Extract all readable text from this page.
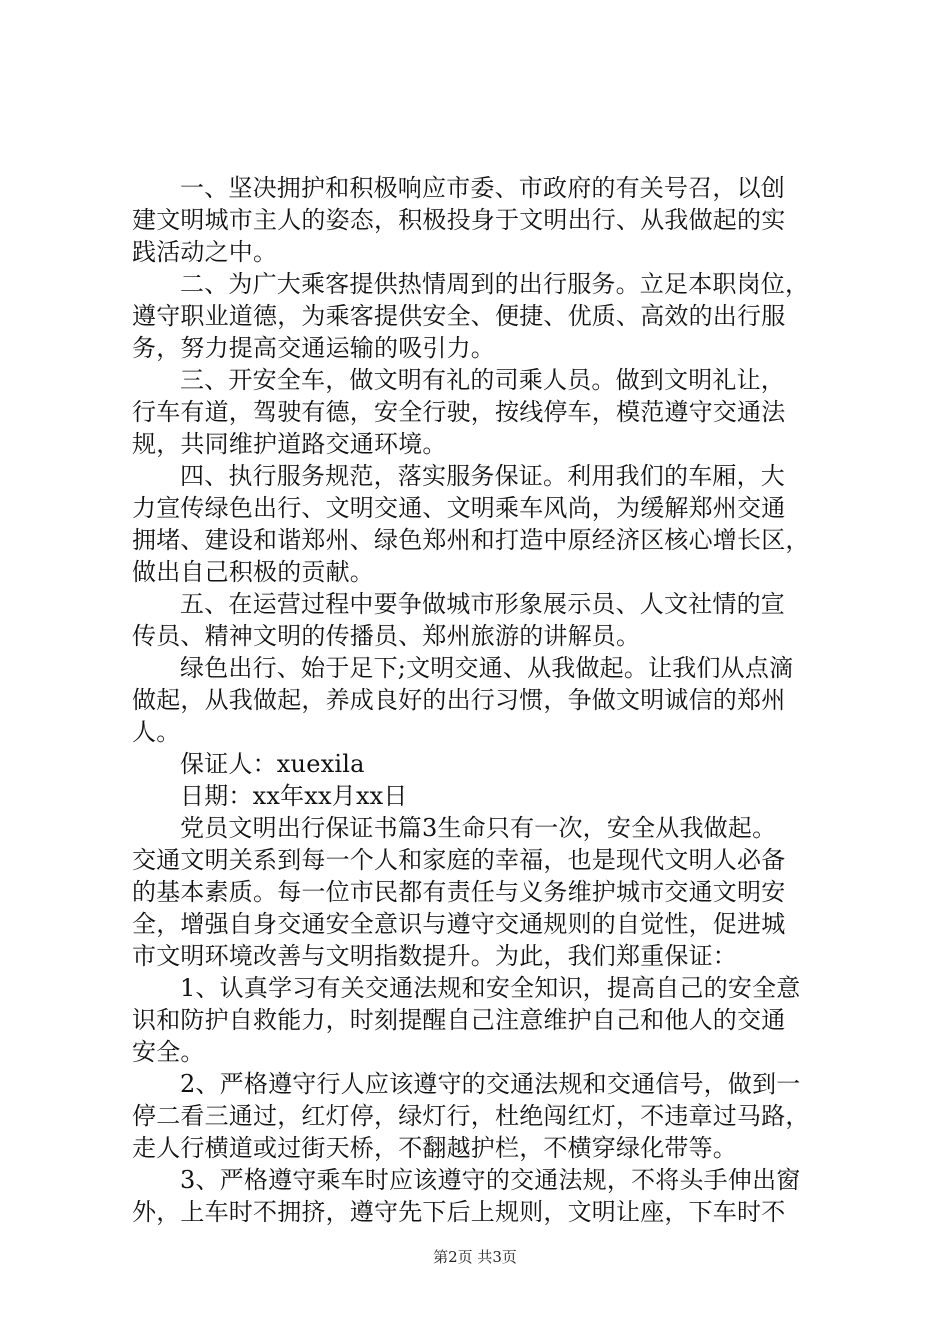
一、坚决拥护和积极响应市委、市政府的有关号召，以创
建文明城市主人的姿态，积极投身于文明出行、从我做起的实
践活动之中。
二、为广大乘客提供热情周到的出行服务。立足本职岗位，
遵守职业道德，为乘客提供安全、便捷、优质、高效的出行服
务，努力提高交通运输的吸引力。
三、开安全车，做文明有礼的司乘人员。做到文明礼让，
行车有道，驾驶有德，安全行驶，按线停车，模范遵守交通法
规，共同维护道路交通环境。
四、执行服务规范，落实服务保证。利用我们的车厢，大
力宣传绿色出行、文明交通、文明乘车风尚，为缓解郑州交通
拥堵、建设和谐郑州、绿色郑州和打造中原经济区核心增长区，
做出自己积极的贡献。
五、在运营过程中要争做城市形象展示员、人文社情的宣
传员、精神文明的传播员、郑州旅游的讲解员。
绿色出行、始于足下;文明交通、从我做起。让我们从点滴
做起，从我做起，养成良好的出行习惯，争做文明诚信的郑州
人。
保证人：xuexila
日期：xx年xx月xx日
党员文明出行保证书篇3生命只有一次，安全从我做起。
交通文明关系到每一个人和家庭的幸福，也是现代文明人必备
的基本素质。每一位市民都有责任与义务维护城市交通文明安
全，增强自身交通安全意识与遵守交通规则的自觉性，促进城
市文明环境改善与文明指数提升。为此，我们郑重保证：
1、认真学习有关交通法规和安全知识，提高自己的安全意
识和防护自救能力，时刻提醒自己注意维护自己和他人的交通
安全。
2、严格遵守行人应该遵守的交通法规和交通信号，做到一
停二看三通过，红灯停，绿灯行，杜绝闯红灯，不违章过马路，
走人行横道或过街天桥，不翻越护栏，不横穿绿化带等。
3、严格遵守乘车时应该遵守的交通法规，不将头手伸出窗
外，上车时不拥挤，遵守先下后上规则，文明让座，下车时不
第2页 共3页
